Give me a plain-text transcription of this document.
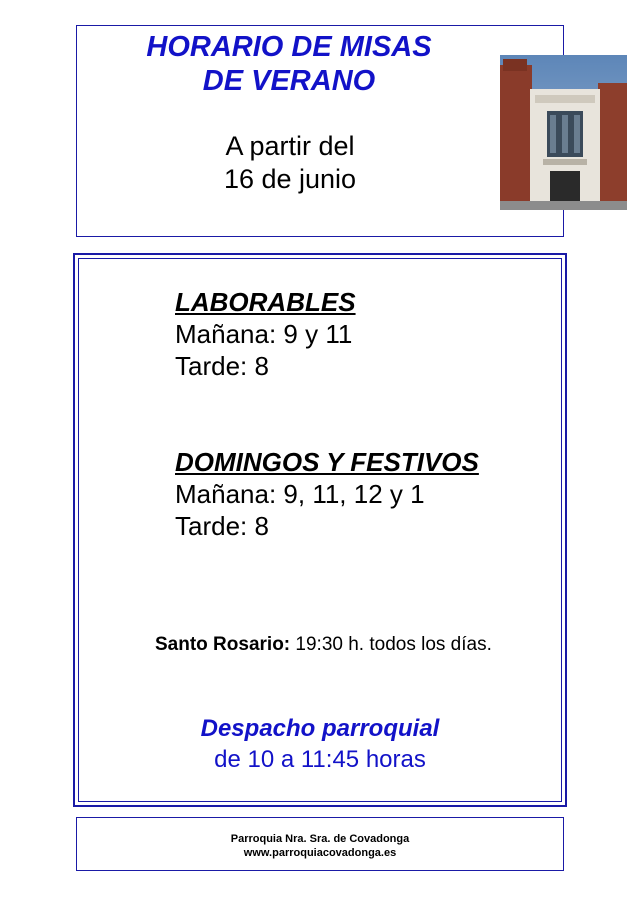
HORARIO DE MISAS
DE VERANO
A partir del
16 de junio
LABORABLES
Mañana: 9 y 11
Tarde: 8
DOMINGOS Y FESTIVOS
Mañana: 9, 11, 12 y 1
Tarde: 8
Santo Rosario: 19:30 h. todos los días.
Despacho parroquial
de 10 a 11:45 horas
Parroquia Nra. Sra. de Covadonga
www.parroquiacovadonga.es
